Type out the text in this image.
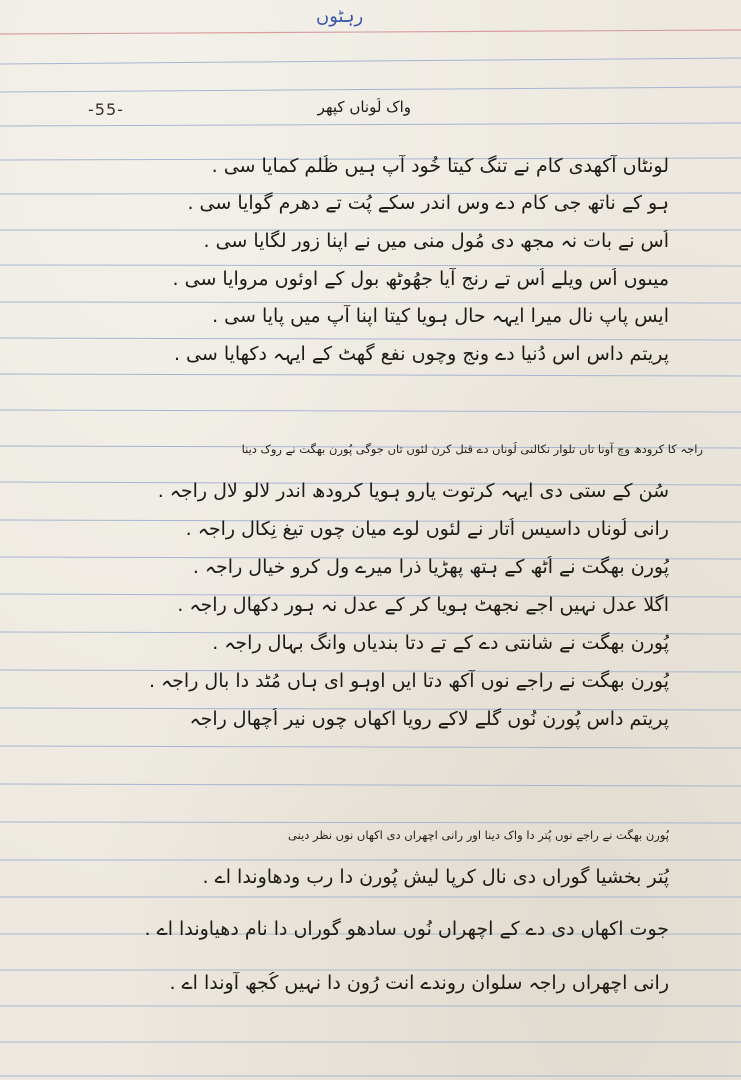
رہٹوں
-55-	واک لُوناں کپھر
لونٹاں آکھدی کام نے تنگ کیتا خُود آپ ہیں ظُلم کمایا سی .
ہو کے ناتھ جی کام دے وس اندر سکے پُت تے دھرم گوایا سی .
اُس نے بات نہ مجھ دی مُول منی میں نے اپنا زور لگایا سی .
میںوں اُس ویلے اُس تے رنج آیا جھُوٹھ بول کے اوئوں مروایا سی .
ایس پاپ نال میرا ایہہ حال ہویا کیتا اپنا آپ میں پایا سی .
پریتم داس اس دُنیا دے ونج وچوں نفع گھٹ کے ایہہ دکھایا سی .
راجہ کا کرودھ وچ آونا تاں تلوار نکالنی لُوناں دے قتل کرن لئوں تاں جوگی پُورن بھگت نے روک دینا
سُن کے ستی دی ایہہ کرتوت یارو ہویا کرودھ اندر لالو لال راجہ .
رانی لُوناں داسیس اُتار نے لئوں لوے میان چوں تیغ نِکال راجہ .
پُورن بھگت نے اُٹھ کے ہتھ پھڑیا ذرا میرے ول کرو خیال راجہ .
اگلا عدل نہیں اجے نجھٹ ہویا کر کے عدل نہ ہور دکھال راجہ .
پُورن بھگت نے شانتی دے کے تے دتا بندیاں وانگ بہال راجہ .
پُورن بھگت نے راجے نوں آکھ دتا ایں اوہو ای ہاں مُٹد دا بال راجہ .
پریتم داس پُورن نُوں گلے لاکے رویا اکھاں چوں نیر اُچھال راجہ
پُورن بھگت نے راجے نوں پُتر دا واک دینا اور رانی اچھراں دی اکھاں نوں نظر دینی
پُتر بخشیا گوراں دی نال کرپا لیش پُورن دا رب ودھاوندا اے .
جوت اکھاں دی دے کے اچھراں نُوں سادھو گوراں دا نام دھیاوندا اے .
رانی اچھراں راجہ سلوان روندے انت رُون دا نہیں کُجھ آوندا اے .
